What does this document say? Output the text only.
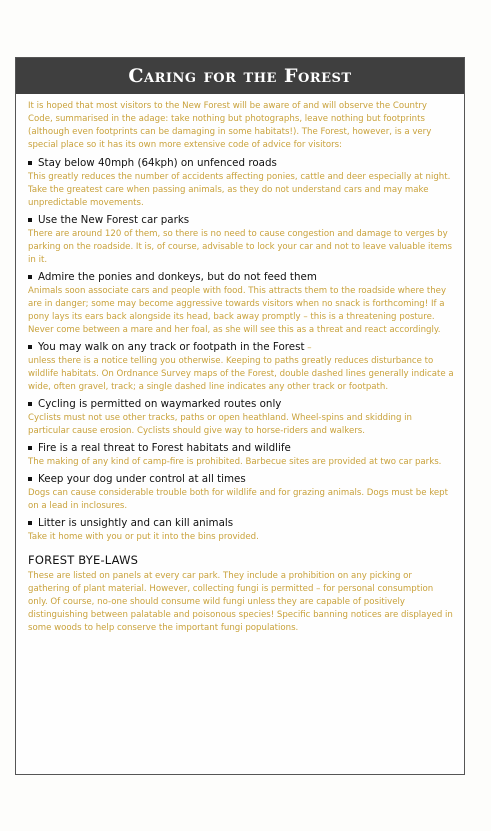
Caring for the Forest

It is hoped that most visitors to the New Forest will be aware of and will observe the Country Code, summarised in the adage: take nothing but photographs, leave nothing but footprints (although even footprints can be damaging in some habitats!). The Forest, however, is a very special place so it has its own more extensive code of advice for visitors:

Stay below 40mph (64kph) on unfenced roads

This greatly reduces the number of accidents affecting ponies, cattle and deer especially at night. Take the greatest care when passing animals, as they do not understand cars and may make unpredictable movements.

Use the New Forest car parks

There are around 120 of them, so there is no need to cause congestion and damage to verges by parking on the roadside. It is, of course, advisable to lock your car and not to leave valuable items in it.

Admire the ponies and donkeys, but do not feed them

Animals soon associate cars and people with food. This attracts them to the roadside where they are in danger; some may become aggressive towards visitors when no snack is forthcoming! If a pony lays its ears back alongside its head, back away promptly – this is a threatening posture. Never come between a mare and her foal, as she will see this as a threat and react accordingly.

You may walk on any track or footpath in the Forest –

unless there is a notice telling you otherwise. Keeping to paths greatly reduces disturbance to wildlife habitats. On Ordnance Survey maps of the Forest, double dashed lines generally indicate a wide, often gravel, track; a single dashed line indicates any other track or footpath.

Cycling is permitted on waymarked routes only

Cyclists must not use other tracks, paths or open heathland. Wheel-spins and skidding in particular cause erosion. Cyclists should give way to horse-riders and walkers.

Fire is a real threat to Forest habitats and wildlife

The making of any kind of camp-fire is prohibited. Barbecue sites are provided at two car parks.

Keep your dog under control at all times

Dogs can cause considerable trouble both for wildlife and for grazing animals. Dogs must be kept on a lead in inclosures.

Litter is unsightly and can kill animals

Take it home with you or put it into the bins provided.

FOREST BYE-LAWS

These are listed on panels at every car park. They include a prohibition on any picking or gathering of plant material. However, collecting fungi is permitted – for personal consumption only. Of course, no-one should consume wild fungi unless they are capable of positively distinguishing between palatable and poisonous species! Specific banning notices are displayed in some woods to help conserve the important fungi populations.
